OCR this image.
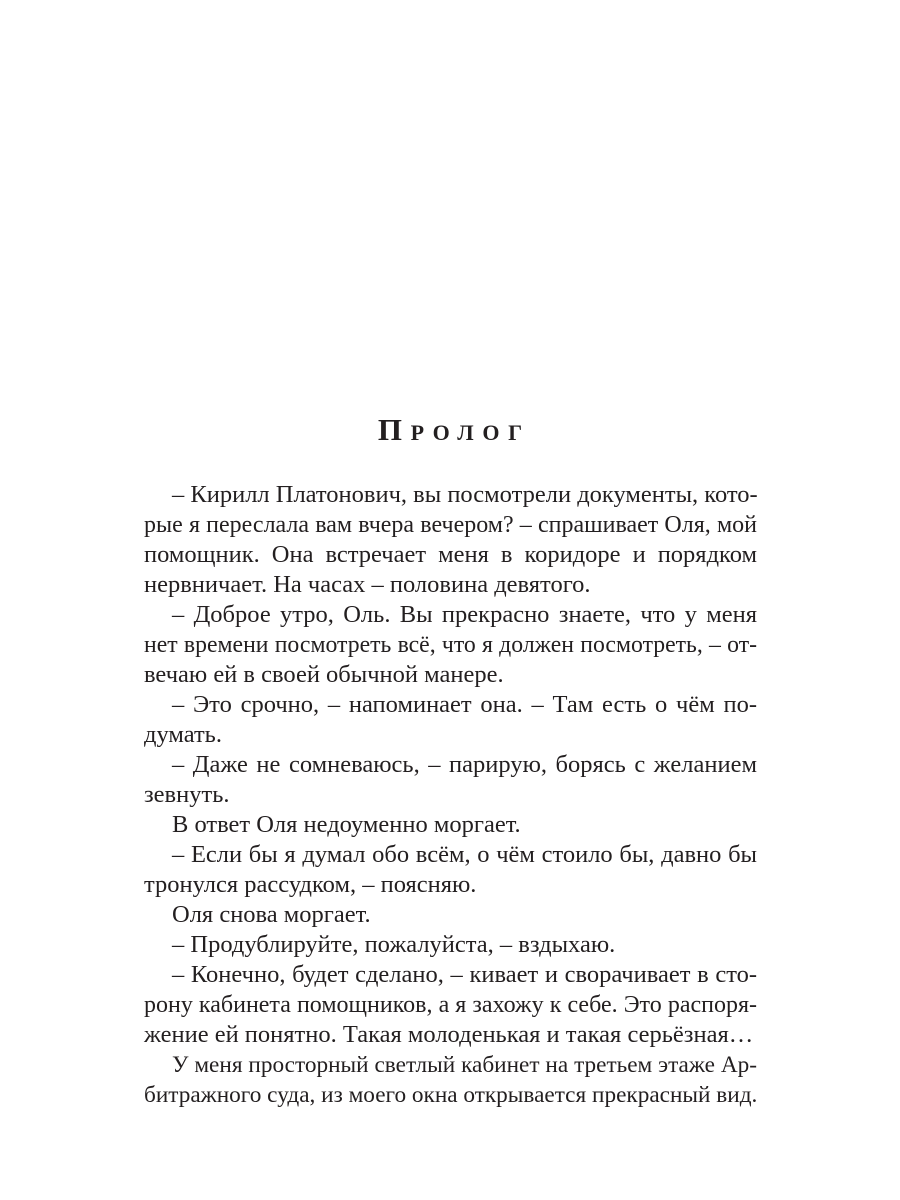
Пролог
– Кирилл Платонович, вы посмотрели документы, кото-
рые я переслала вам вчера вечером? – спрашивает Оля, мой
помощник. Она встречает меня в коридоре и порядком
нервничает. На часах – половина девятого.
– Доброе утро, Оль. Вы прекрасно знаете, что у меня
нет времени посмотреть всё, что я должен посмотреть, – от-
вечаю ей в своей обычной манере.
– Это срочно, – напоминает она. – Там есть о чём по-
думать.
– Даже не сомневаюсь, – парирую, борясь с желанием
зевнуть.
В ответ Оля недоуменно моргает.
– Если бы я думал обо всём, о чём стоило бы, давно бы
тронулся рассудком, – поясняю.
Оля снова моргает.
– Продублируйте, пожалуйста, – вздыхаю.
– Конечно, будет сделано, – кивает и сворачивает в сто-
рону кабинета помощников, а я захожу к себе. Это распоря-
жение ей понятно. Такая молоденькая и такая серьёзная…
У меня просторный светлый кабинет на третьем этаже Ар-
битражного суда, из моего окна открывается прекрасный вид.
